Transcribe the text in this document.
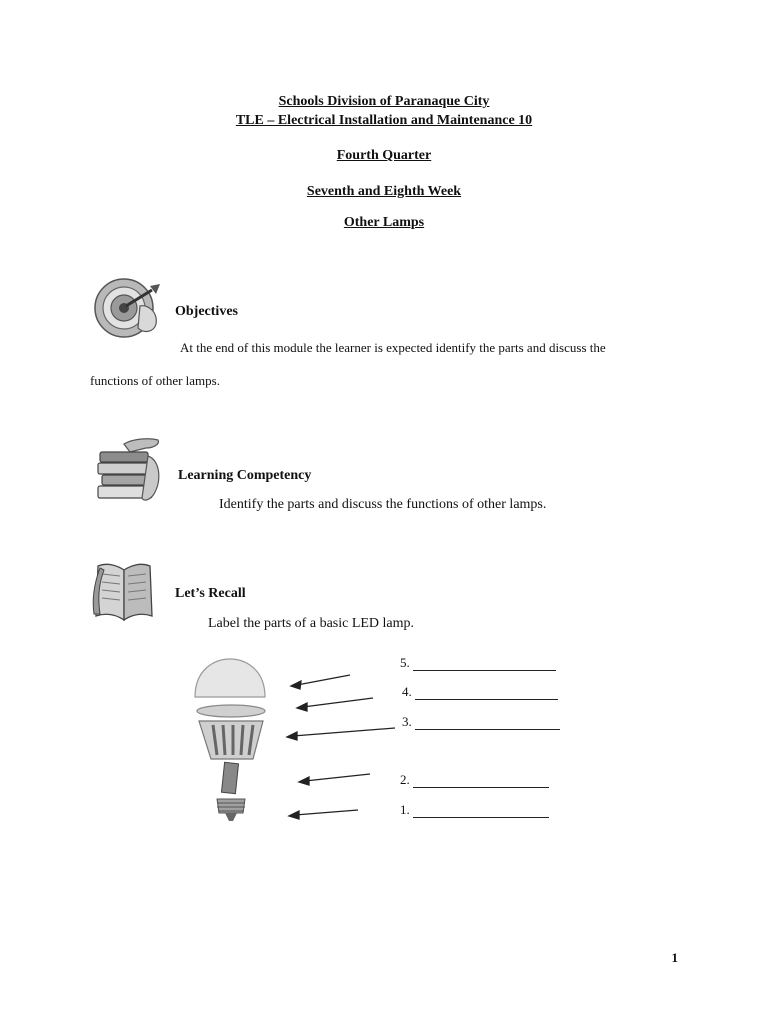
Schools Division of Paranaque City
TLE – Electrical Installation and Maintenance 10
Fourth Quarter
Seventh and Eighth Week
Other Lamps
Objectives
At the end of this module the learner is expected identify the parts and discuss the
functions of other lamps.
Learning Competency
Identify the parts and discuss the functions of other lamps.
Let’s Recall
Label the parts of a basic LED lamp.
5.
4.
3.
2.
1.
1
